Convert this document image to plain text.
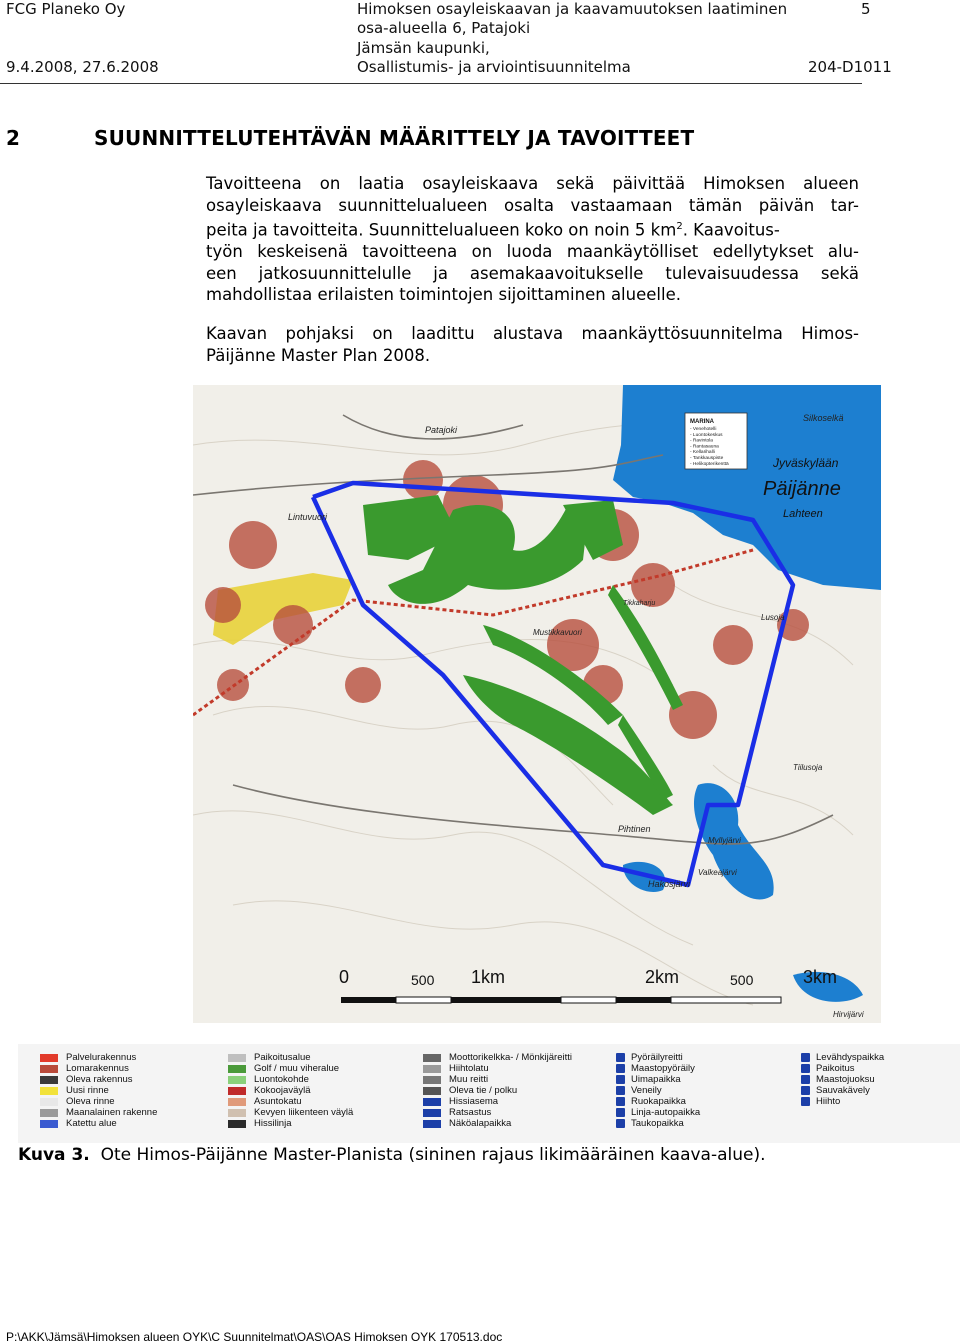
FCG Planeko Oy
9.4.2008, 27.6.2008
Himoksen osayleiskaavan ja kaavamuutoksen laatiminen
osa-alueella 6, Patajoki
Jämsän kaupunki,
Osallistumis- ja arviointisuunnitelma
5
204-D1011
2	SUUNNITTELUTEHTÄVÄN MÄÄRITTELY JA TAVOITTEET
Tavoitteena on laatia osayleiskaava sekä päivittää Himoksen alueen
osayleiskaava suunnittelualueen osalta vastaamaan tämän päivän tar-
peita ja tavoitteita. Suunnittelualueen koko on noin 5 $km^2$. Kaavoitus-
työn keskeisenä tavoitteena on luoda maankäytölliset edellytykset alu-
een jatkosuunnittelulle ja asemakaavoitukselle tulevaisuudessa sekä
mahdollistaa erilaisten toimintojen sijoittaminen alueelle.
Kaavan pohjaksi on laadittu alustava maankäyttösuunnitelma Himos-
Päijänne Master Plan 2008.
MARINA
- Venehotelli
- Luontokeskus
- Ravintola
- Rantasauna
- Kellarihalli
- Tankkauspiste
- Helikopterikenttä
Päijänne
Jyväskylään
Lahteen
Patajoki
Lintuvuori
Mustikkavuori
Pihtinen
Hakosjärvi
Myllyjärvi
Valkeajärvi
Tikkaharju
Silkoselkä
Hirvijärvi
Lusoja
Tiilusoja
0	500 1km	2km	500	3km
Palvelurakennus
Lomarakennus
Oleva rakennus
Uusi rinne
Oleva rinne
Maanalainen rakenne
Katettu alue
Paikoitusalue
Golf / muu viheralue
Luontokohde
Kokoojaväylä
Asuntokatu
Kevyen liikenteen väylä
Hissilinja
Moottorikelkka- / Mönkijäreitti
Hiihtolatu
Muu reitti
Oleva tie / polku
Hissiasema
Ratsastus
Näköalapaikka
Pyöräilyreitti
Maastopyöräily
Uimapaikka
Veneily
Ruokapaikka
Linja-autopaikka
Taukopaikka
Levähdyspaikka
Paikoitus
Maastojuoksu
Sauvakävely
Hiihto
Kuva 3. Ote Himos-Päijänne Master-Planista (sininen rajaus likimääräinen kaava-alue).
P:\AKK\Jämsä\Himoksen alueen OYK\C Suunnitelmat\OAS\OAS Himoksen OYK 170513.doc
